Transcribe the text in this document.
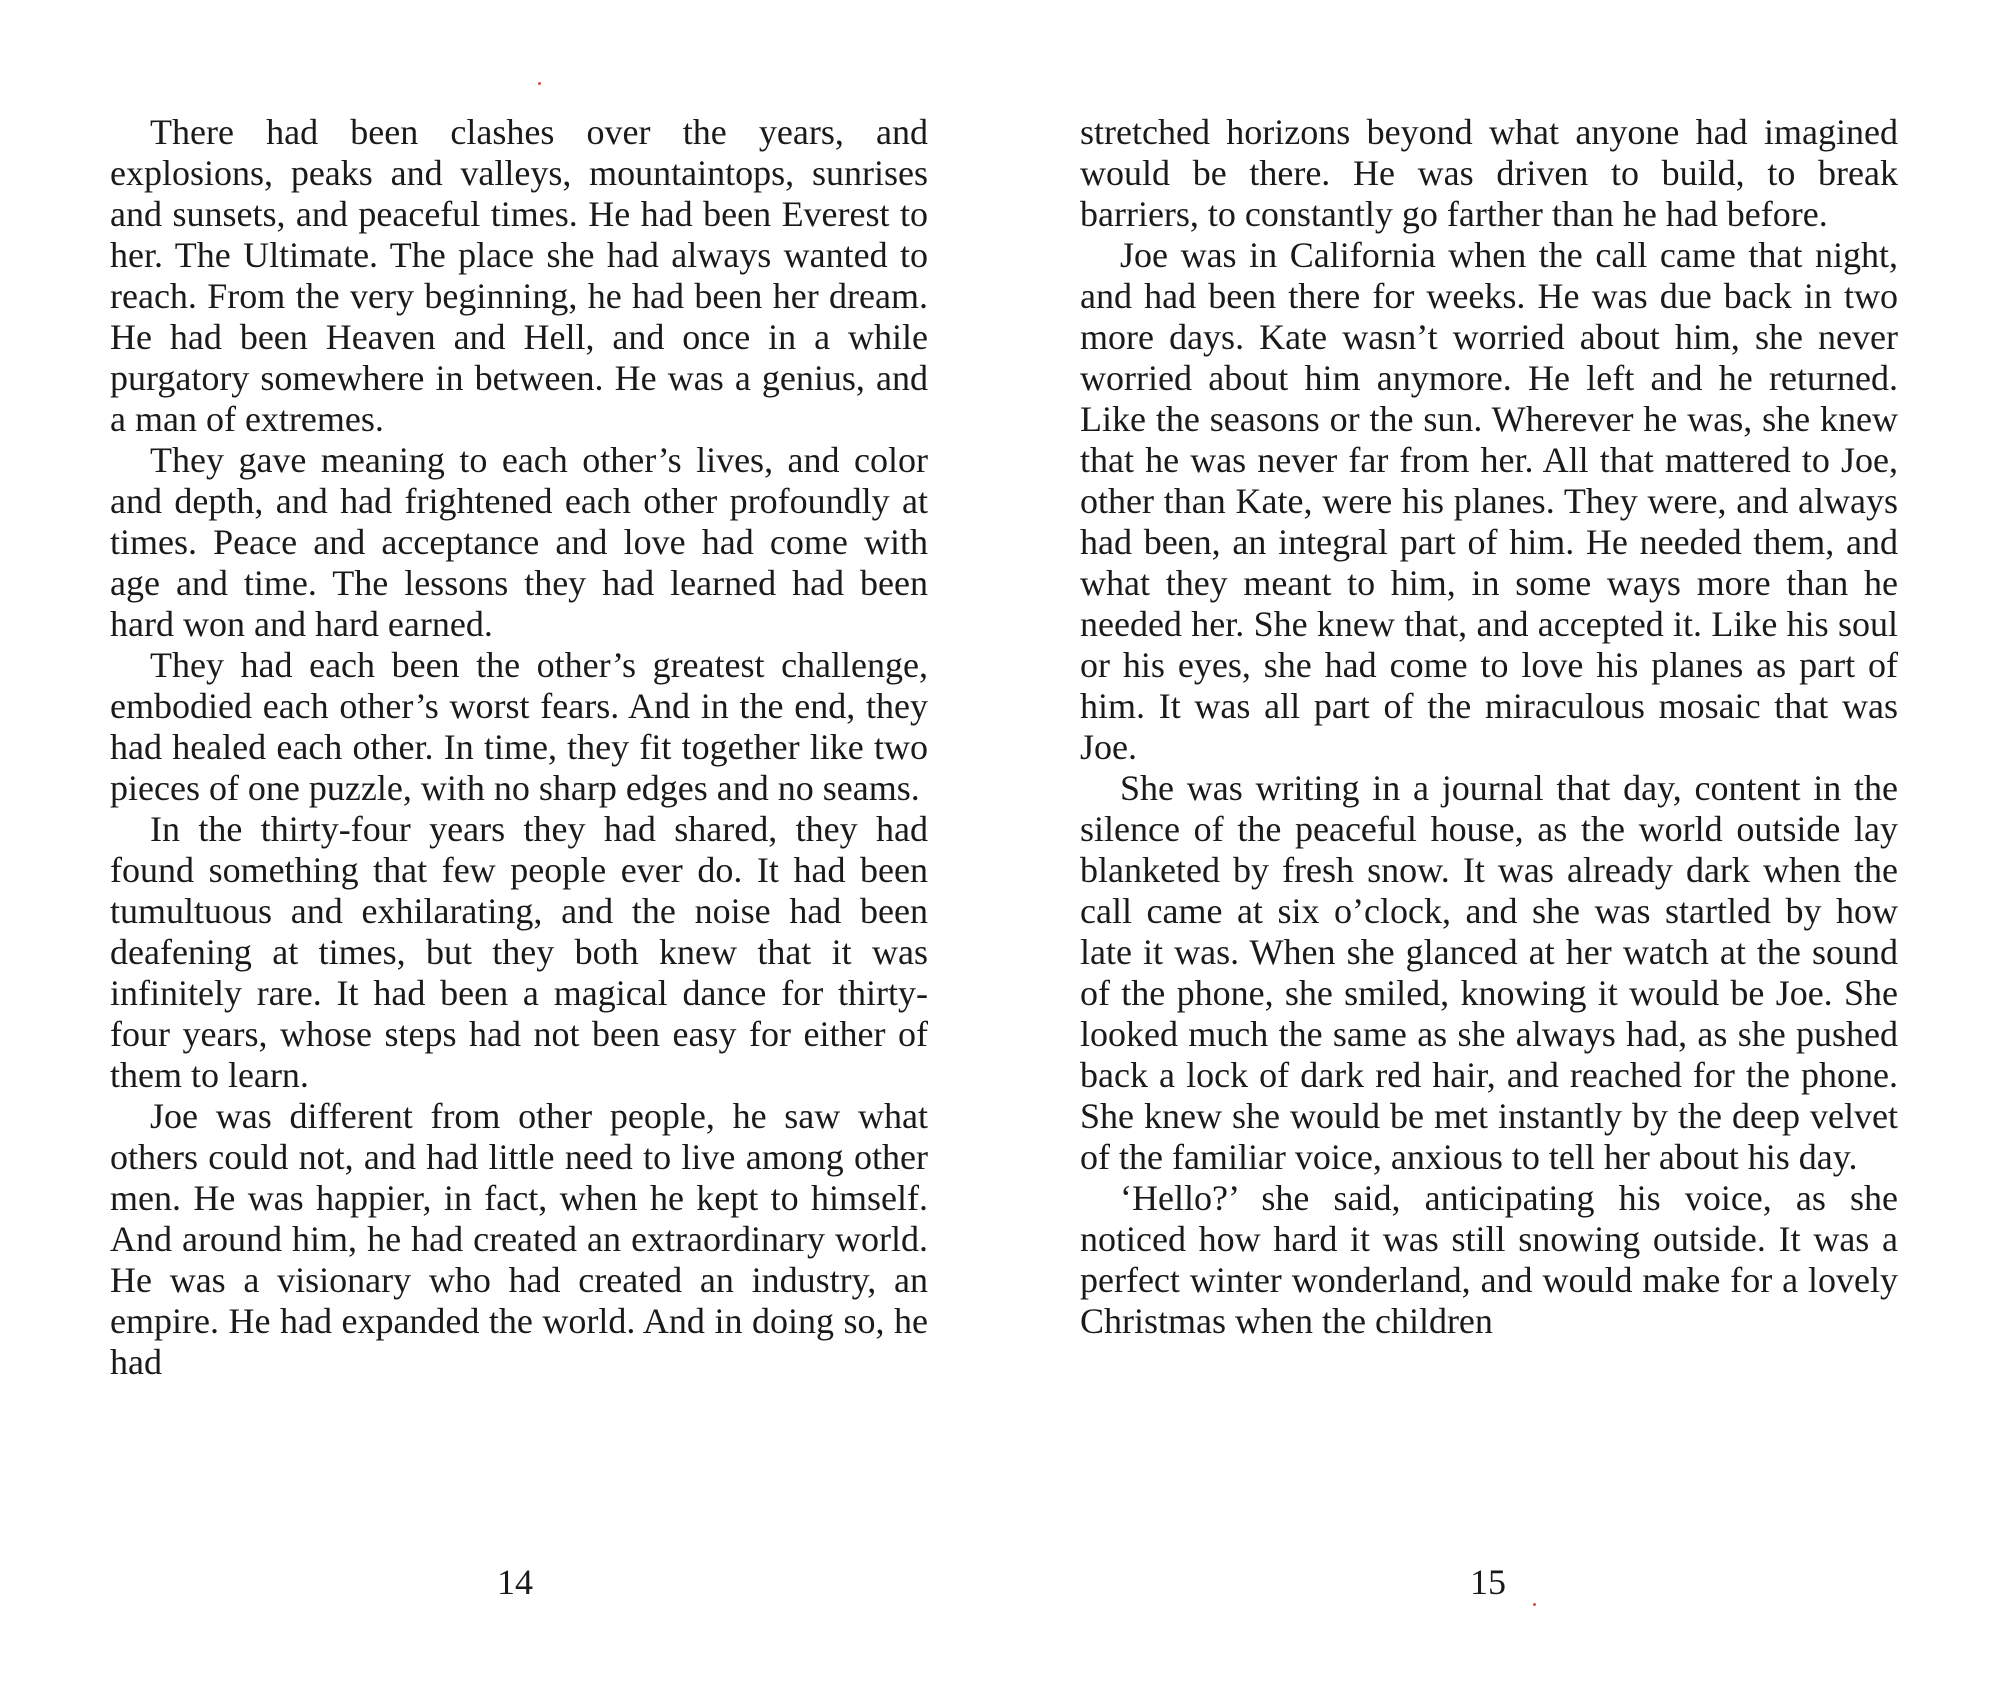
There had been clashes over the years, and explosions, peaks and valleys, mountaintops, sunrises and sunsets, and peaceful times. He had been Everest to her. The Ultimate. The place she had always wanted to reach. From the very beginning, he had been her dream. He had been Heaven and Hell, and once in a while purgatory somewhere in between. He was a genius, and a man of extremes.

They gave meaning to each other’s lives, and color and depth, and had frightened each other profoundly at times. Peace and acceptance and love had come with age and time. The lessons they had learned had been hard won and hard earned.

They had each been the other’s greatest challenge, embodied each other’s worst fears. And in the end, they had healed each other. In time, they fit together like two pieces of one puzzle, with no sharp edges and no seams.

In the thirty-four years they had shared, they had found something that few people ever do. It had been tumultuous and exhilarating, and the noise had been deafening at times, but they both knew that it was infinitely rare. It had been a magical dance for thirty-four years, whose steps had not been easy for either of them to learn.

Joe was different from other people, he saw what others could not, and had little need to live among other men. He was happier, in fact, when he kept to himself. And around him, he had created an extraordinary world. He was a visionary who had created an industry, an empire. He had expanded the world. And in doing so, he had

stretched horizons beyond what anyone had imagined would be there. He was driven to build, to break barriers, to constantly go farther than he had before.

Joe was in California when the call came that night, and had been there for weeks. He was due back in two more days. Kate wasn’t worried about him, she never worried about him anymore. He left and he returned. Like the seasons or the sun. Wherever he was, she knew that he was never far from her. All that mattered to Joe, other than Kate, were his planes. They were, and always had been, an integral part of him. He needed them, and what they meant to him, in some ways more than he needed her. She knew that, and accepted it. Like his soul or his eyes, she had come to love his planes as part of him. It was all part of the miraculous mosaic that was Joe.

She was writing in a journal that day, content in the silence of the peaceful house, as the world outside lay blanketed by fresh snow. It was already dark when the call came at six o’clock, and she was startled by how late it was. When she glanced at her watch at the sound of the phone, she smiled, knowing it would be Joe. She looked much the same as she always had, as she pushed back a lock of dark red hair, and reached for the phone. She knew she would be met instantly by the deep velvet of the familiar voice, anxious to tell her about his day.

‘Hello?’ she said, anticipating his voice, as she noticed how hard it was still snowing outside. It was a perfect winter wonderland, and would make for a lovely Christmas when the children

14	15
